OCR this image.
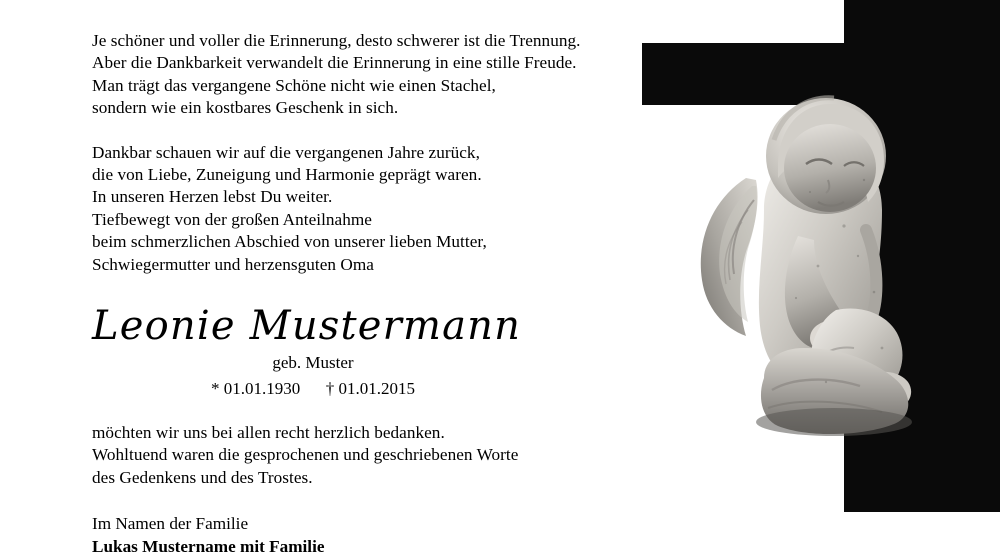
Je schöner und voller die Erinnerung, desto schwerer ist die Trennung.
Aber die Dankbarkeit verwandelt die Erinnerung in eine stille Freude.
Man trägt das vergangene Schöne nicht wie einen Stachel,
sondern wie ein kostbares Geschenk in sich.
Dankbar schauen wir auf die vergangenen Jahre zurück,
die von Liebe, Zuneigung und Harmonie geprägt waren.
In unseren Herzen lebst Du weiter.
Tiefbewegt von der großen Anteilnahme
beim schmerzlichen Abschied von unserer lieben Mutter,
Schwiegermutter und herzensguten Oma
Leonie Mustermann
geb. Muster
* 01.01.1930      † 01.01.2015
möchten wir uns bei allen recht herzlich bedanken.
Wohltuend waren die gesprochenen und geschriebenen Worte
des Gedenkens und des Trostes.
Im Namen der Familie
Lukas Mustername mit Familie
